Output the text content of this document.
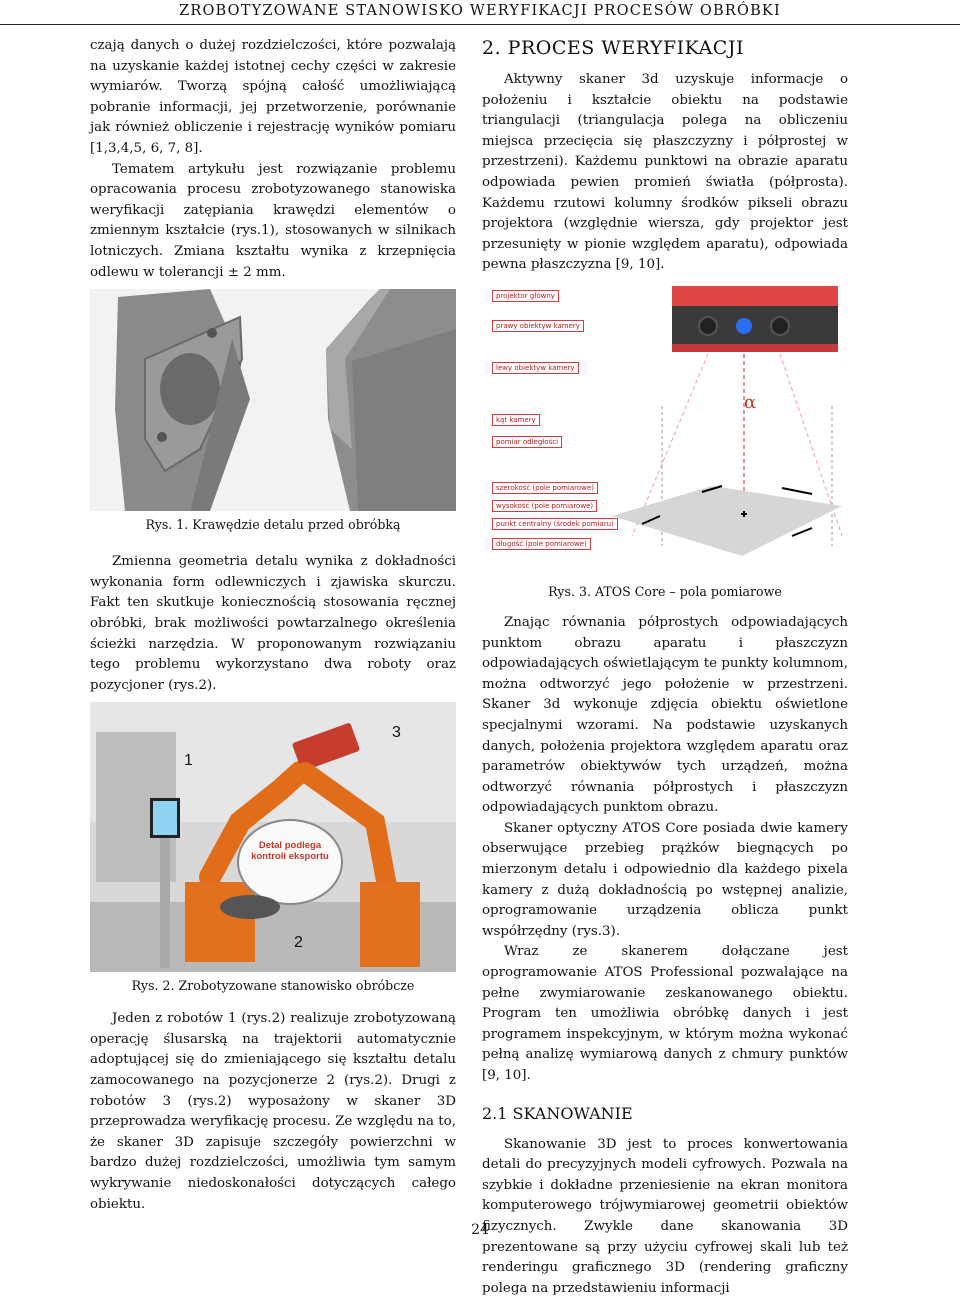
ZROBOTYZOWANE STANOWISKO WERYFIKACJI PROCESÓW OBRÓBKI

czają danych o dużej rozdzielczości, które pozwalają na uzyskanie każdej istotnej cechy części w zakresie wymiarów. Tworzą spójną całość umożliwiającą pobranie informacji, jej przetworzenie, porównanie jak również obliczenie i rejestrację wyników pomiaru [1,3,4,5, 6, 7, 8].

Tematem artykułu jest rozwiązanie problemu opracowania procesu zrobotyzowanego stanowiska weryfikacji zatępiania krawędzi elementów o zmiennym kształcie (rys.1), stosowanych w silnikach lotniczych. Zmiana kształtu wynika z krzepnięcia odlewu w tolerancji ± 2 mm.

Rys. 1. Krawędzie detalu przed obróbką

Zmienna geometria detalu wynika z dokładności wykonania form odlewniczych i zjawiska skurczu. Fakt ten skutkuje koniecznością stosowania ręcznej obróbki, brak możliwości powtarzalnego określenia ścieżki narzędzia. W proponowanym rozwiązaniu tego problemu wykorzystano dwa roboty oraz pozycjoner (rys.2).

1
3
2
Detal podlega kontroli eksportu
Rys. 2. Zrobotyzowane stanowisko obróbcze

Jeden z robotów 1 (rys.2) realizuje zrobotyzowaną operację ślusarską na trajektorii automatycznie adoptującej się do zmieniającego się kształtu detalu zamocowanego na pozycjonerze 2 (rys.2). Drugi z robotów 3 (rys.2) wyposażony w skaner 3D przeprowadza weryfikację procesu. Ze względu na to, że skaner 3D zapisuje szczegóły powierzchni w bardzo dużej rozdzielczości, umożliwia tym samym wykrywanie niedoskonałości dotyczących całego obiektu.

2. PROCES WERYFIKACJI

Aktywny skaner 3d uzyskuje informacje o położeniu i kształcie obiektu na podstawie triangulacji (triangulacja polega na obliczeniu miejsca przecięcia się płaszczyzny i półprostej w przestrzeni). Każdemu punktowi na obrazie aparatu odpowiada pewien promień światła (półprosta). Każdemu rzutowi kolumny środków pikseli obrazu projektora (względnie wiersza, gdy projektor jest przesunięty w pionie względem aparatu), odpowiada pewna płaszczyzna [9, 10].

α
projektor główny
prawy obiektyw kamery
lewy obiektyw kamery
kąt kamery
pomiar odległości
szerokość (pole pomiarowe)
wysokość (pole pomiarowe)
punkt centralny (środek pomiaru)
długość (pole pomiarowe)
Rys. 3. ATOS Core – pola pomiarowe

Znając równania półprostych odpowiadających punktom obrazu aparatu i płaszczyzn odpowiadających oświetlającym te punkty kolumnom, można odtworzyć jego położenie w przestrzeni. Skaner 3d wykonuje zdjęcia obiektu oświetlone specjalnymi wzorami. Na podstawie uzyskanych danych, położenia projektora względem aparatu oraz parametrów obiektywów tych urządzeń, można odtworzyć równania półprostych i płaszczyzn odpowiadających punktom obrazu.

Skaner optyczny ATOS Core posiada dwie kamery obserwujące przebieg prążków biegnących po mierzonym detalu i odpowiednio dla każdego pixela kamery z dużą dokładnością po wstępnej analizie, oprogramowanie urządzenia oblicza punkt współrzędny (rys.3).

Wraz ze skanerem dołączane jest oprogramowanie ATOS Professional pozwalające na pełne zwymiarowanie zeskanowanego obiektu. Program ten umożliwia obróbkę danych i jest programem inspekcyjnym, w którym można wykonać pełną analizę wymiarową danych z chmury punktów [9, 10].

2.1 SKANOWANIE

Skanowanie 3D jest to proces konwertowania detali do precyzyjnych modeli cyfrowych. Pozwala na szybkie i dokładne przeniesienie na ekran monitora komputerowego trójwymiarowej geometrii obiektów fizycznych. Zwykle dane skanowania 3D prezentowane są przy użyciu cyfrowej skali lub też renderingu graficznego 3D (rendering graficzny polega na przedstawieniu informacji

24
